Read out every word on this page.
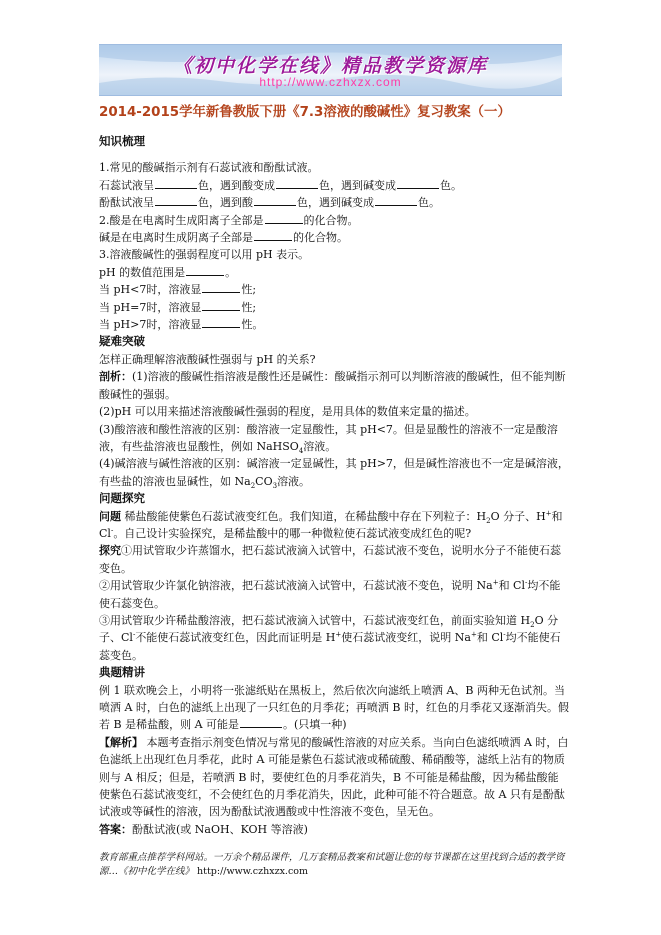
《初中化学在线》精品教学资源库
http://www.czhxzx.com
2014-2015学年新鲁教版下册《7.3溶液的酸碱性》复习教案（一）

知识梳理

1.常见的酸碱指示剂有石蕊试液和酚酞试液。

石蕊试液呈	色，遇到酸变成	色，遇到碱变成	色。

酚酞试液呈	色，遇到酸	色，遇到碱变成	色。

2.酸是在电离时生成阳离子全部是	的化合物。

碱是在电离时生成阴离子全部是	的化合物。

3.溶液酸碱性的强弱程度可以用 pH 表示。

pH 的数值范围是	。

当 pH<7时，溶液显	性;

当 pH=7时，溶液显	性;

当 pH>7时，溶液显	性。

疑难突破

怎样正确理解溶液酸碱性强弱与 pH 的关系?

剖析：(1)溶液的酸碱性指溶液是酸性还是碱性：酸碱指示剂可以判断溶液的酸碱性，但不能判断酸碱性的强弱。

(2)pH 可以用来描述溶液酸碱性强弱的程度，是用具体的数值来定量的描述。

(3)酸溶液和酸性溶液的区别：酸溶液一定显酸性，其 pH<7。但是显酸性的溶液不一定是酸溶液，有些盐溶液也显酸性，例如 NaHSO$_4$溶液。

(4)碱溶液与碱性溶液的区别：碱溶液一定显碱性，其 pH>7，但是碱性溶液也不一定是碱溶液，有些盐的溶液也显碱性，如 $Na_2CO_3$溶液。

问题探究

问题 稀盐酸能使紫色石蕊试液变红色。我们知道，在稀盐酸中存在下列粒子：$H_2O$ 分子、H+和 Cl-。自己设计实验探究，是稀盐酸中的哪一种微粒使石蕊试液变成红色的呢?

探究①用试管取少许蒸馏水，把石蕊试液滴入试管中，石蕊试液不变色，说明水分子不能使石蕊变色。

②用试管取少许氯化钠溶液，把石蕊试液滴入试管中，石蕊试液不变色，说明 Na+和 Cl-均不能使石蕊变色。

③用试管取少许稀盐酸溶液，把石蕊试液滴入试管中，石蕊试液变红色，前面实验知道 $H_2O$ 分子、Cl-不能使石蕊试液变红色，因此而证明是 H+使石蕊试液变红，说明 Na+和 Cl-均不能使石蕊变色。

典题精讲

例 1 联欢晚会上，小明将一张滤纸贴在黑板上，然后依次向滤纸上喷洒 A、B 两种无色试剂。当喷洒 A 时，白色的滤纸上出现了一只红色的月季花；再喷洒 B 时，红色的月季花又逐渐消失。假若 B 是稀盐酸，则 A 可能是	。(只填一种)

【解析】 本题考查指示剂变色情况与常见的酸碱性溶液的对应关系。当向白色滤纸喷洒 A 时，白色滤纸上出现红色月季花，此时 A 可能是紫色石蕊试液或稀硫酸、稀硝酸等，滤纸上沾有的物质则与 A 相反；但是，若喷洒 B 时，要使红色的月季花消失，B 不可能是稀盐酸，因为稀盐酸能使紫色石蕊试液变红，不会使红色的月季花消失，因此，此种可能不符合题意。故 A 只有是酚酞试液或等碱性的溶液，因为酚酞试液遇酸或中性溶液不变色，呈无色。

答案：酚酞试液(或 NaOH、KOH 等溶液)

教育部重点推荐学科网站。一万余个精品课件，几万套精品教案和试题让您的每节课都在这里找到合适的教学资源…《初中化学在线》 http://www.czhxzx.com
